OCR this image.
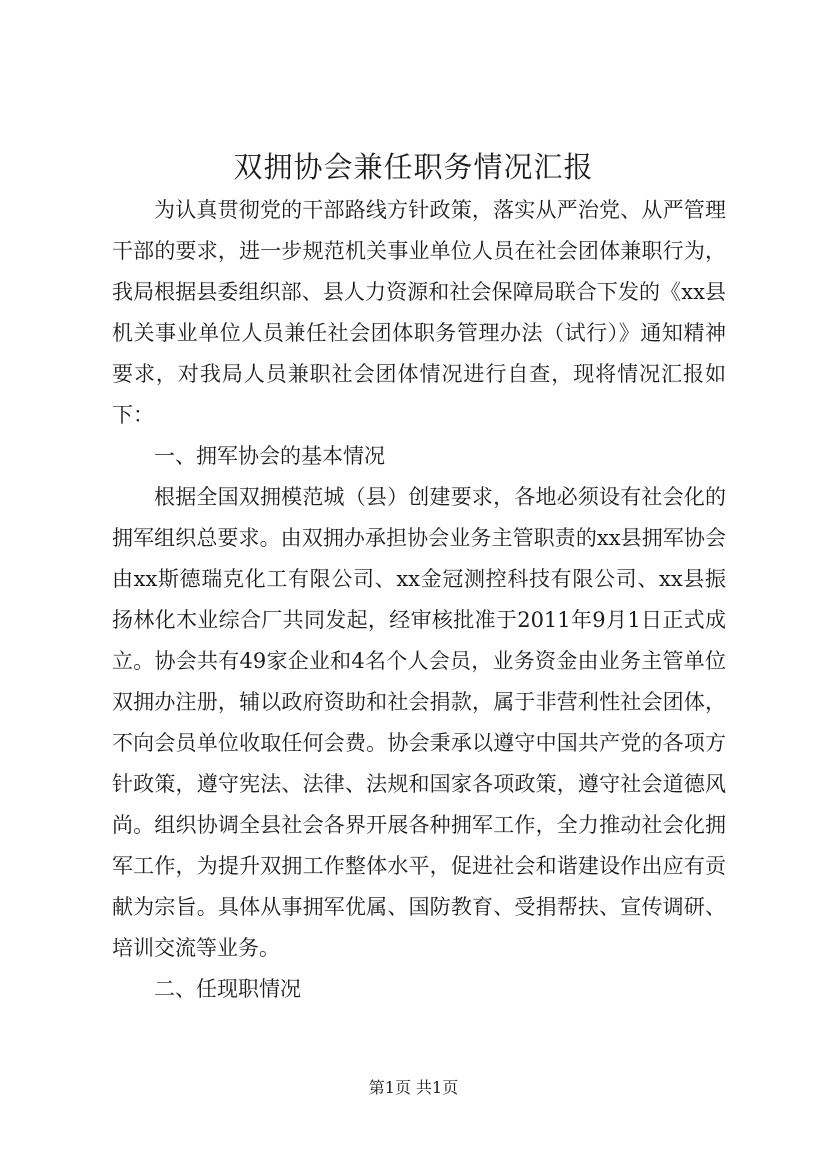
双拥协会兼任职务情况汇报

为认真贯彻党的干部路线方针政策，落实从严治党、从严管理干部的要求，进一步规范机关事业单位人员在社会团体兼职行为，我局根据县委组织部、县人力资源和社会保障局联合下发的《xx县机关事业单位人员兼任社会团体职务管理办法（试行）》通知精神要求，对我局人员兼职社会团体情况进行自查，现将情况汇报如下：

一、拥军协会的基本情况

根据全国双拥模范城（县）创建要求，各地必须设有社会化的拥军组织总要求。由双拥办承担协会业务主管职责的xx县拥军协会由xx斯德瑞克化工有限公司、xx金冠测控科技有限公司、xx县振扬林化木业综合厂共同发起，经审核批准于2011年9月1日正式成立。协会共有49家企业和4名个人会员，业务资金由业务主管单位双拥办注册，辅以政府资助和社会捐款，属于非营利性社会团体，不向会员单位收取任何会费。协会秉承以遵守中国共产党的各项方针政策，遵守宪法、法律、法规和国家各项政策，遵守社会道德风尚。组织协调全县社会各界开展各种拥军工作，全力推动社会化拥军工作，为提升双拥工作整体水平，促进社会和谐建设作出应有贡献为宗旨。具体从事拥军优属、国防教育、受捐帮扶、宣传调研、培训交流等业务。

二、任现职情况

第1页 共1页
